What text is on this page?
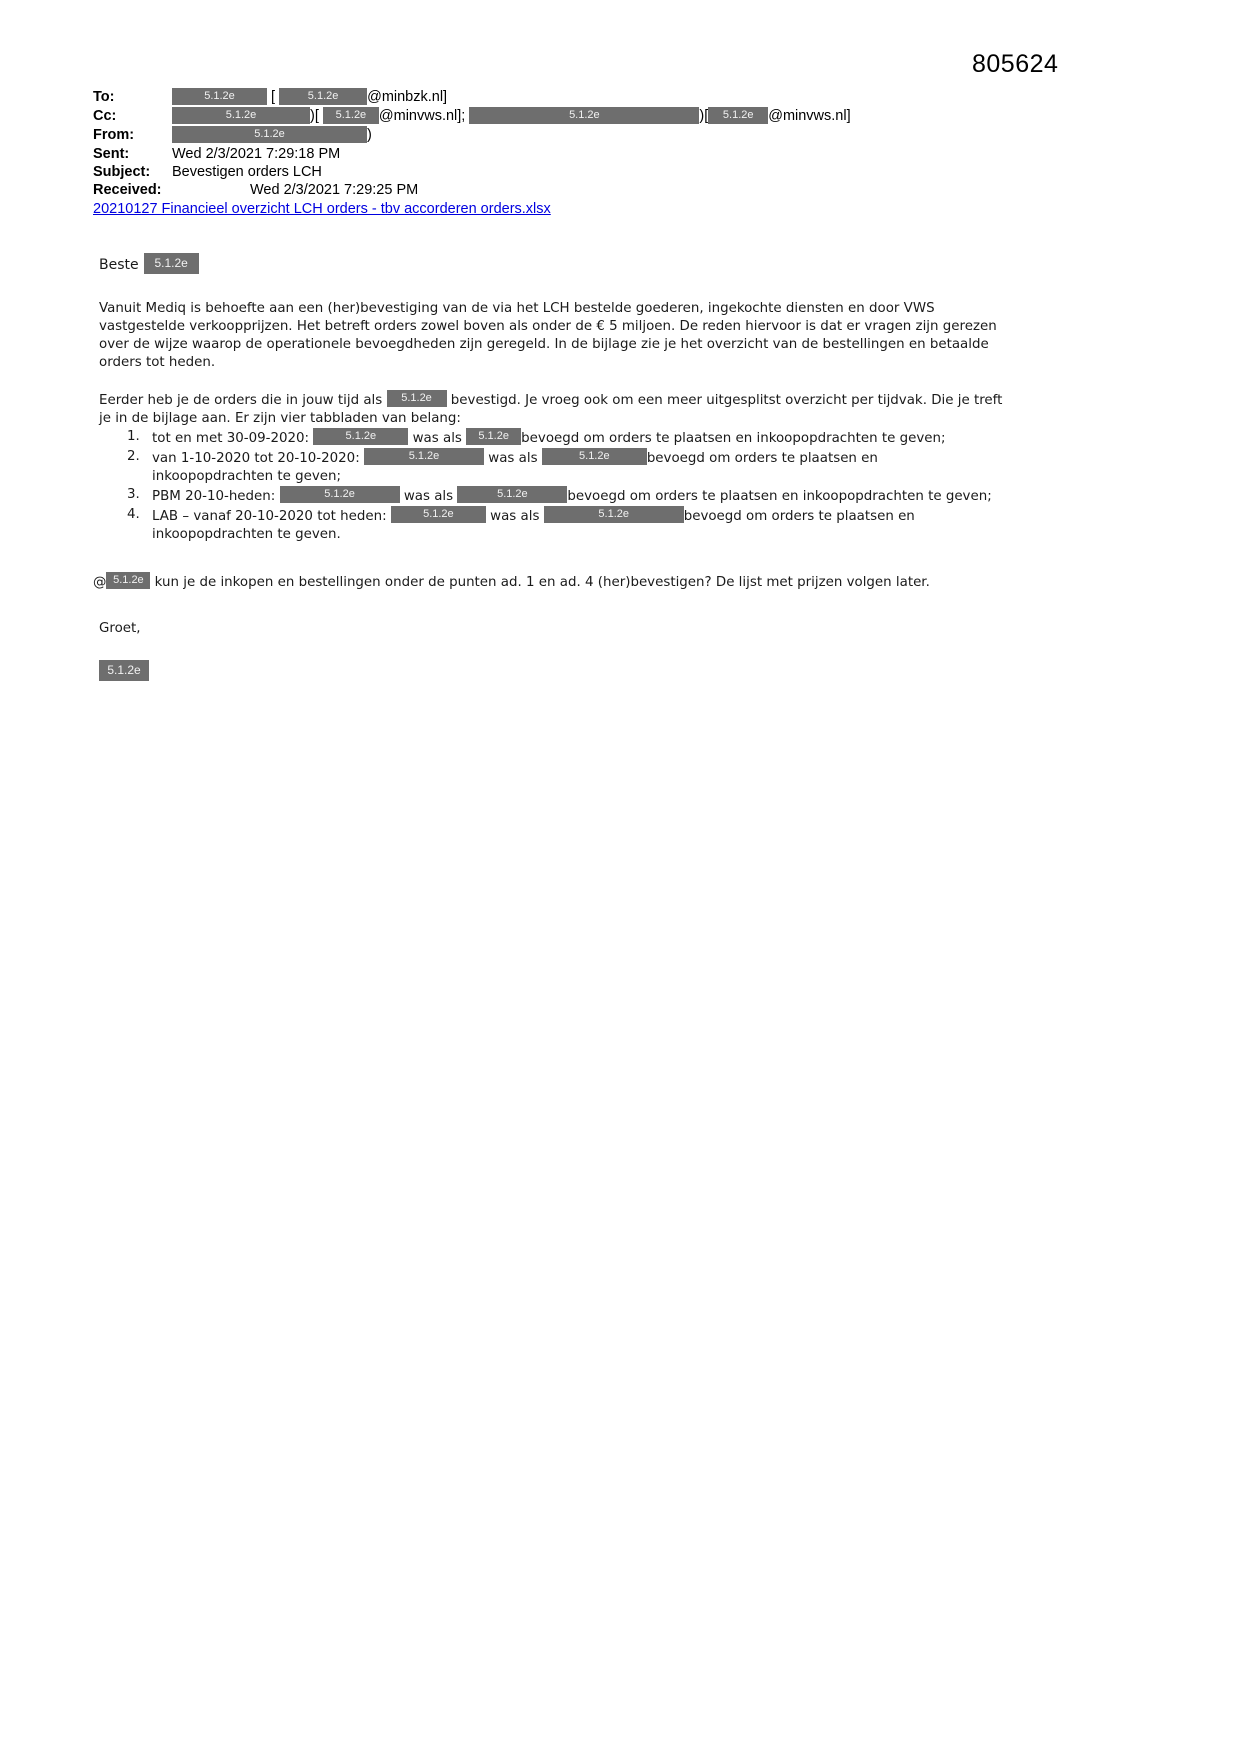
805624
To:	5.1.2e [	5.1.2e @minbzk.nl]
Cc:	5.1.2e	)[ 5.1.2e @minvws.nl];	5.1.2e	)[ 5.1.2e @minvws.nl]
From:	5.1.2e	)
Sent:	Wed 2/3/2021 7:29:18 PM
Subject: Bevestigen orders LCH
Received:	Wed 2/3/2021 7:29:25 PM
20210127 Financieel overzicht LCH orders - tbv accorderen orders.xlsx
Beste 5.1.2e
Vanuit Mediq is behoefte aan een (her)bevestiging van de via het LCH bestelde goederen, ingekochte diensten en door VWS vastgestelde verkoopprijzen. Het betreft orders zowel boven als onder de € 5 miljoen. De reden hiervoor is dat er vragen zijn gerezen over de wijze waarop de operationele bevoegdheden zijn geregeld. In de bijlage zie je het overzicht van de bestellingen en betaalde orders tot heden.
Eerder heb je de orders die in jouw tijd als 5.1.2e bevestigd. Je vroeg ook om een meer uitgesplitst overzicht per tijdvak. Die je treft je in de bijlage aan. Er zijn vier tabbladen van belang:
1. tot en met 30-09-2020:	5.1.2e	was als 5.1.2e bevoegd om orders te plaatsen en inkoopopdrachten te geven;
2. van 1-10-2020 tot 20-10-2020:	5.1.2e	was als	5.1.2e	bevoegd om orders te plaatsen en inkoopopdrachten te geven;
3. PBM 20-10-heden:	5.1.2e	was als	5.1.2e	bevoegd om orders te plaatsen en inkoopopdrachten te geven;
4. LAB – vanaf 20-10-2020 tot heden:	5.1.2e	was als	5.1.2e	bevoegd om orders te plaatsen en inkoopopdrachten te geven.
@ 5.1.2e kun je de inkopen en bestellingen onder de punten ad. 1 en ad. 4 (her)bevestigen? De lijst met prijzen volgen later.
Groet,
5.1.2e
